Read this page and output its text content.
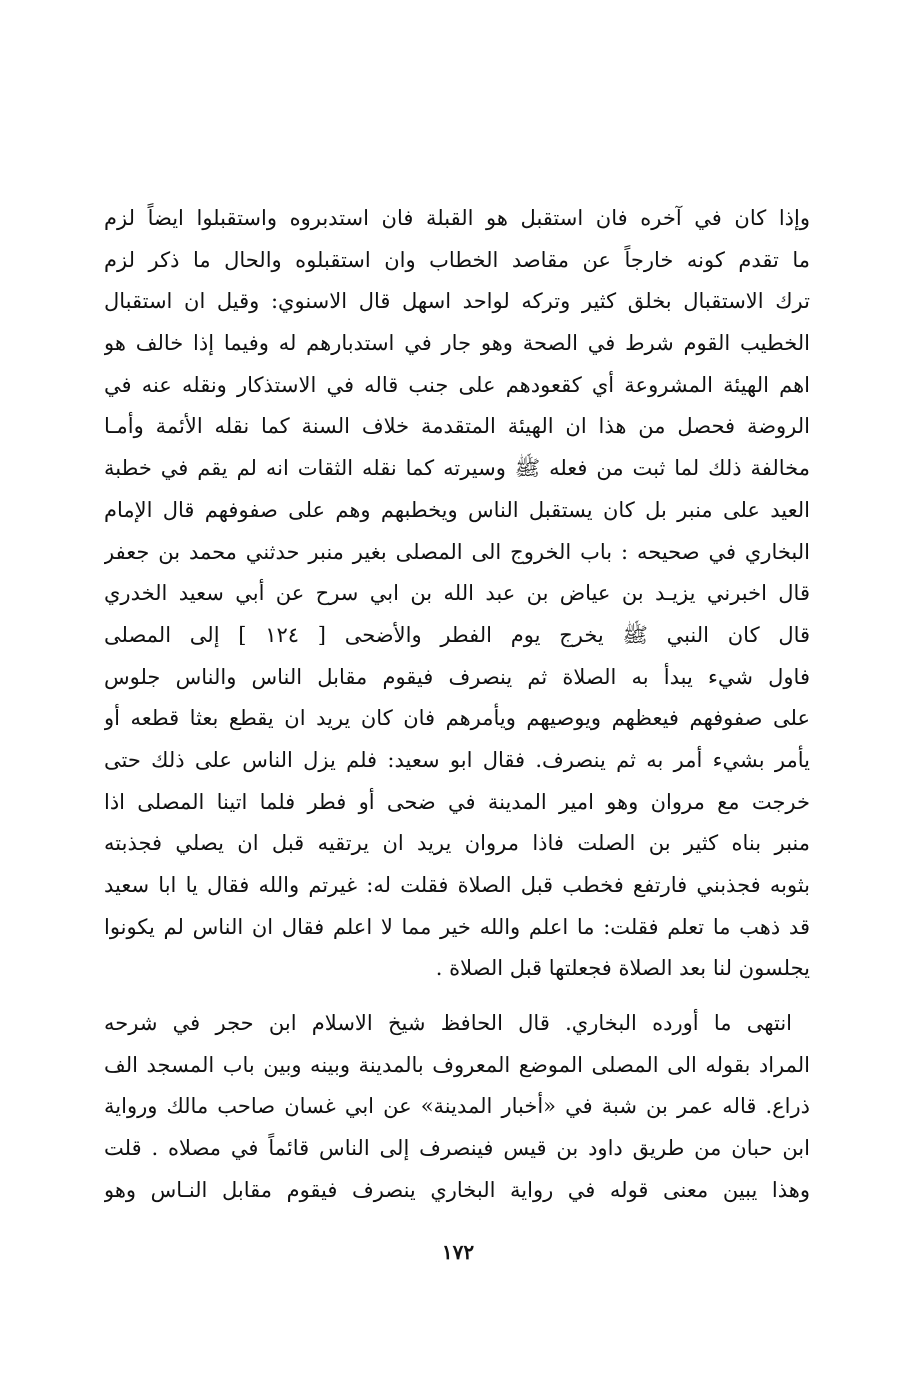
وإذا كان في آخره فان استقبل هو القبلة فان استدبروه واستقبلوا ايضاً لزم
ما تقدم كونه خارجاً عن مقاصد الخطاب وان استقبلوه والحال ما ذكر لزم
ترك الاستقبال بخلق كثير وتركه لواحد اسهل قال الاسنوي: وقيل ان استقبال
الخطيب القوم شرط في الصحة وهو جار في استدبارهم له وفيما إذا خالف هو
اهم الهيئة المشروعة أي كقعودهم على جنب قاله في الاستذكار ونقله عنه في
الروضة فحصل من هذا ان الهيئة المتقدمة خلاف السنة كما نقله الأئمة وأمـا
مخالفة ذلك لما ثبت من فعله ﷺ وسيرته كما نقله الثقات انه لم يقم في خطبة
العيد على منبر بل كان يستقبل الناس ويخطبهم وهم على صفوفهم قال الإمام
البخاري في صحيحه : باب الخروج الى المصلى بغير منبر حدثني محمد بن جعفر
قال اخبرني يزيـد بن عياض بن عبد الله بن ابي سرح عن أبي سعيد الخدري
قال كان النبي ﷺ يخرج يوم الفطر والأضحى [ ١٢٤ ] إلى المصلى
فاول شيء يبدأ به الصلاة ثم ينصرف فيقوم مقابل الناس والناس جلوس
على صفوفهم فيعظهم ويوصيهم ويأمرهم فان كان يريد ان يقطع بعثا قطعه أو
يأمر بشيء أمر به ثم ينصرف. فقال ابو سعيد: فلم يزل الناس على ذلك حتى
خرجت مع مروان وهو امير المدينة في ضحى أو فطر فلما اتينا المصلى اذا
منبر بناه كثير بن الصلت فاذا مروان يريد ان يرتقيه قبل ان يصلي فجذبته
بثوبه فجذبني فارتفع فخطب قبل الصلاة فقلت له: غيرتم والله فقال يا ابا سعيد
قد ذهب ما تعلم فقلت: ما اعلم والله خير مما لا اعلم فقال ان الناس لم يكونوا
يجلسون لنا بعد الصلاة فجعلتها قبل الصلاة .
انتهى ما أورده البخاري. قال الحافظ شيخ الاسلام ابن حجر في شرحه
المراد بقوله الى المصلى الموضع المعروف بالمدينة وبينه وبين باب المسجد الف
ذراع. قاله عمر بن شبة في «أخبار المدينة» عن ابي غسان صاحب مالك ورواية
ابن حبان من طريق داود بن قيس فينصرف إلى الناس قائماً في مصلاه . قلت
وهذا يبين معنى قوله في رواية البخاري ينصرف فيقوم مقابل النـاس وهو
١٧٢
